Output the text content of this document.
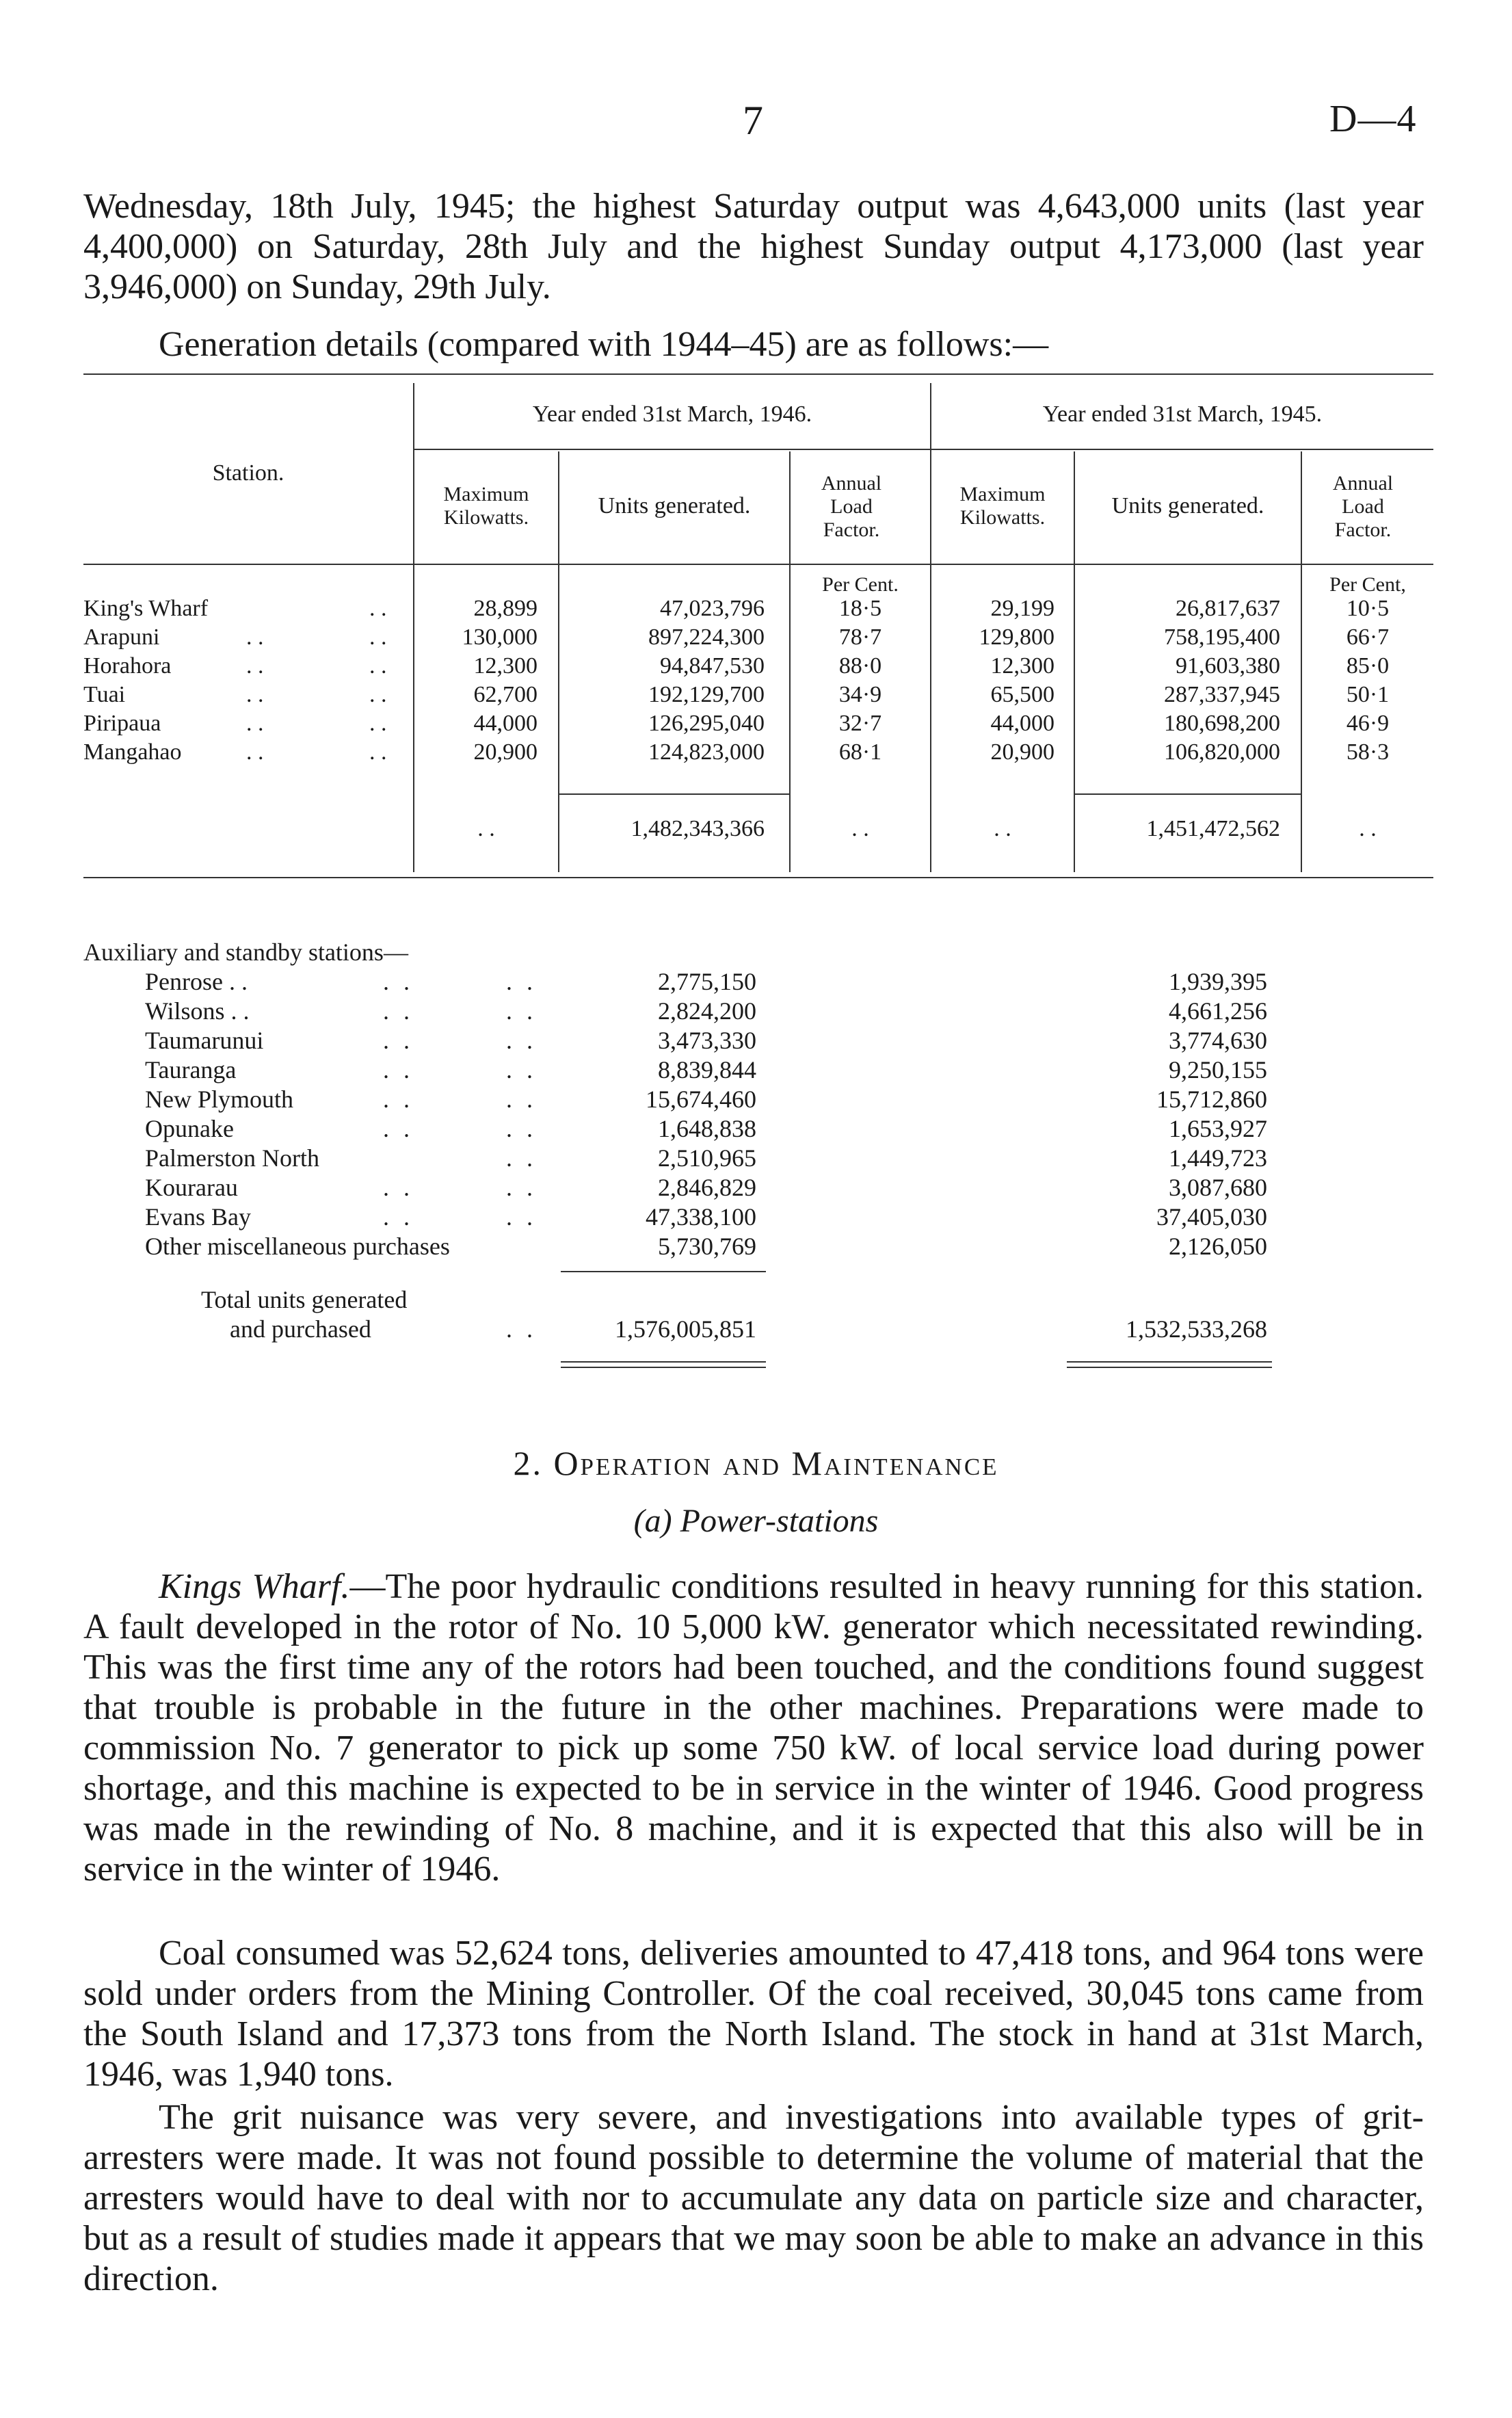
7	D—4
Wednesday, 18th July, 1945; the highest Saturday output was 4,643,000 units (last year 4,400,000) on Saturday, 28th July and the highest Sunday output 4,173,000 (last year 3,946,000) on Sunday, 29th July.
Generation details (compared with 1944–45) are as follows:—
Year ended 31st March, 1946.	Year ended 31st March, 1945.
Station.
Maximum Kilowatts.	Units generated.
Annual Load Factor.
Maximum Kilowatts.	Units generated.
Annual Load Factor.
Per Cent.	Per Cent,
King's Wharf	. .	28,899	47,023,796	18·5	29,199	26,817,637	10·5
Arapuni	. .	. .	130,000	897,224,300	78·7	129,800	758,195,400	66·7
Horahora	. .	. .	12,300	94,847,530	88·0	12,300	91,603,380	85·0
Tuai	. .	. .	62,700	192,129,700	34·9	65,500	287,337,945	50·1
Piripaua	. .	. .	44,000	126,295,040	32·7	44,000	180,698,200	46·9
Mangahao	. .	. .	20,900	124,823,000	68·1	20,900	106,820,000	58·3
. .	1,482,343,366	. .	. .	1,451,472,562	. .
Auxiliary and standby stations—
Penrose . .	. .	. .	2,775,150	1,939,395
Wilsons . .	. .	. .	2,824,200	4,661,256
Taumarunui	. .	. .	3,473,330	3,774,630
Tauranga	. .	. .	8,839,844	9,250,155
New Plymouth	. .	. .	15,674,460	15,712,860
Opunake	. .	. .	1,648,838	1,653,927
Palmerston North	. .	2,510,965	1,449,723
Kourarau	. .	. .	2,846,829	3,087,680
Evans Bay	. .	. .	47,338,100	37,405,030
Other miscellaneous purchases	5,730,769	2,126,050
Total units generated
and purchased	. .	1,576,005,851	1,532,533,268
2. Operation and Maintenance
(a) Power-stations
Kings Wharf.—The poor hydraulic conditions resulted in heavy running for this station. A fault developed in the rotor of No. 10 5,000 kW. generator which necessitated rewinding. This was the first time any of the rotors had been touched, and the conditions found suggest that trouble is probable in the future in the other machines. Preparations were made to commission No. 7 generator to pick up some 750 kW. of local service load during power shortage, and this machine is expected to be in service in the winter of 1946. Good progress was made in the rewinding of No. 8 machine, and it is expected that this also will be in service in the winter of 1946.
Coal consumed was 52,624 tons, deliveries amounted to 47,418 tons, and 964 tons were sold under orders from the Mining Controller. Of the coal received, 30,045 tons came from the South Island and 17,373 tons from the North Island. The stock in hand at 31st March, 1946, was 1,940 tons.
The grit nuisance was very severe, and investigations into available types of grit-arresters were made. It was not found possible to determine the volume of material that the arresters would have to deal with nor to accumulate any data on particle size and character, but as a result of studies made it appears that we may soon be able to make an advance in this direction.
